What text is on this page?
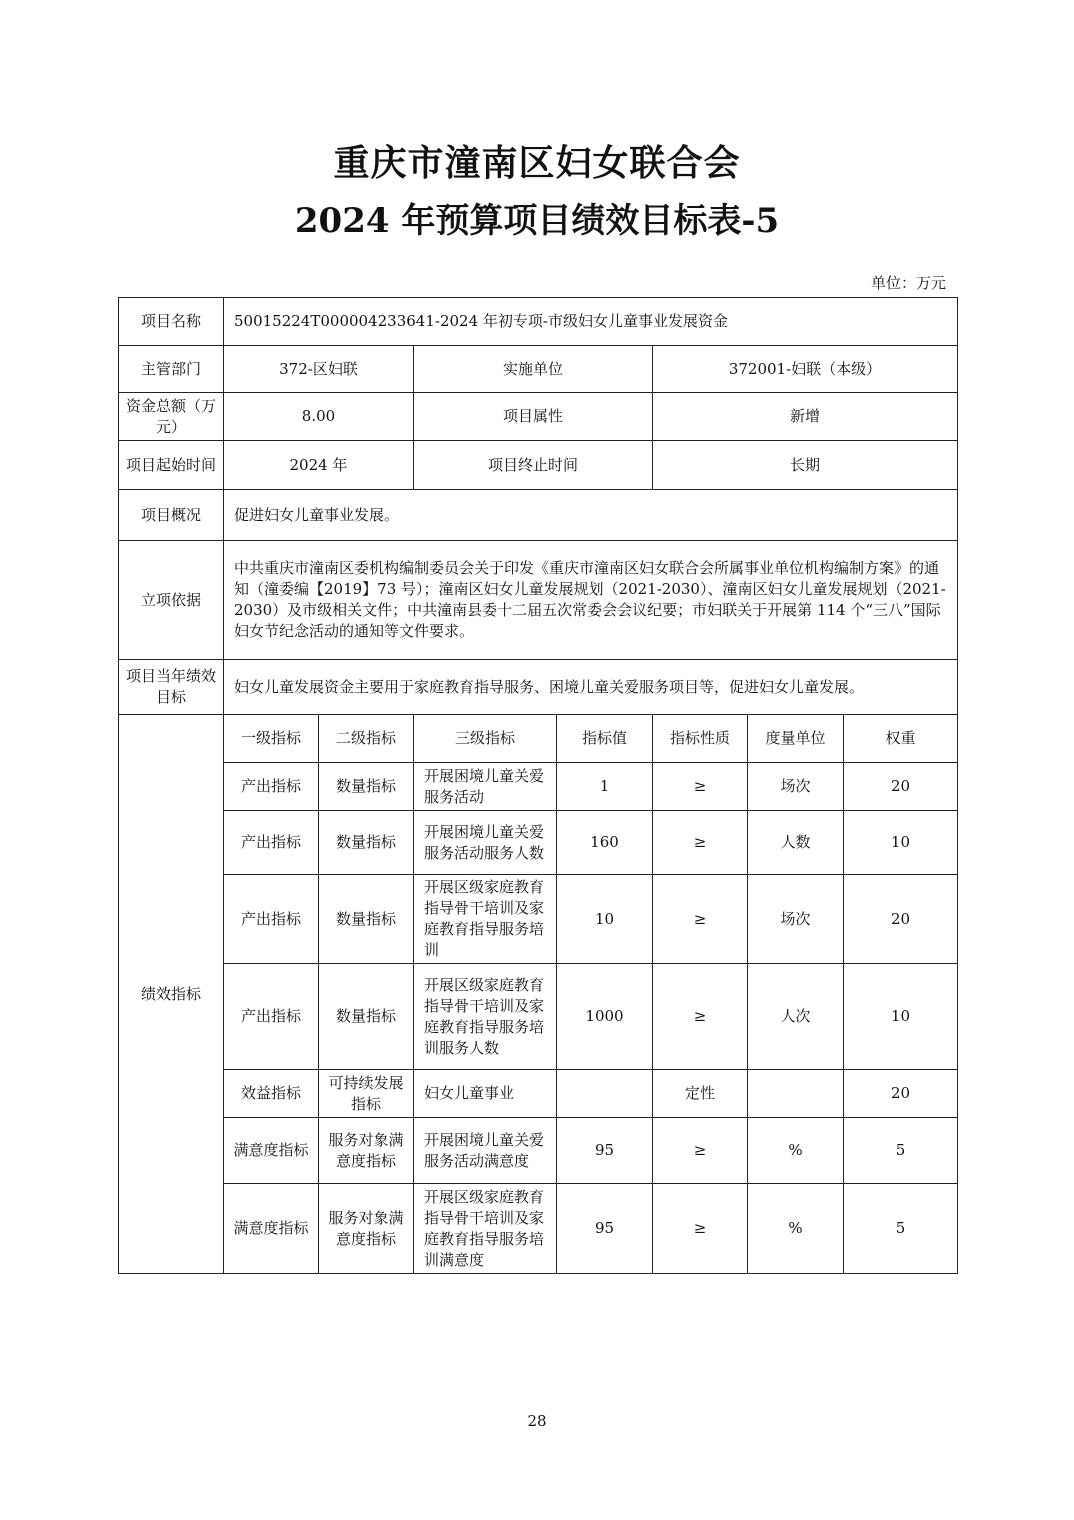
重庆市潼南区妇女联合会
2024 年预算项目绩效目标表-5
单位：万元
项目名称	50015224T000004233641-2024 年初专项-市级妇女儿童事业发展资金						
主管部门	372-区妇联		实施单位		372001-妇联（本级）		
资金总额（万元）	8.00		项目属性		新增		
项目起始时间	2024 年		项目终止时间		长期		
项目概况	促进妇女儿童事业发展。						
立项依据	中共重庆市潼南区委机构编制委员会关于印发《重庆市潼南区妇女联合会所属事业单位机构编制方案》的通知（潼委编【2019】73 号）；潼南区妇女儿童发展规划（2021-2030）、潼南区妇女儿童发展规划（2021-2030）及市级相关文件；中共潼南县委十二届五次常委会会议纪要；市妇联关于开展第 114 个“三八”国际妇女节纪念活动的通知等文件要求。						
项目当年绩效目标	妇女儿童发展资金主要用于家庭教育指导服务、困境儿童关爱服务项目等，促进妇女儿童发展。						
绩效指标	一级指标	二级指标	三级指标	指标值	指标性质	度量单位	权重
	产出指标	数量指标	开展困境儿童关爱服务活动	1	≥	场次	20
	产出指标	数量指标	开展困境儿童关爱服务活动服务人数	160	≥	人数	10
	产出指标	数量指标	开展区级家庭教育指导骨干培训及家庭教育指导服务培训	10	≥	场次	20
	产出指标	数量指标	开展区级家庭教育指导骨干培训及家庭教育指导服务培训服务人数	1000	≥	人次	10
	效益指标	可持续发展指标	妇女儿童事业		定性		20
	满意度指标	服务对象满意度指标	开展困境儿童关爱服务活动满意度	95	≥	%	5
	满意度指标	服务对象满意度指标	开展区级家庭教育指导骨干培训及家庭教育指导服务培训满意度	95	≥	%	5
28
